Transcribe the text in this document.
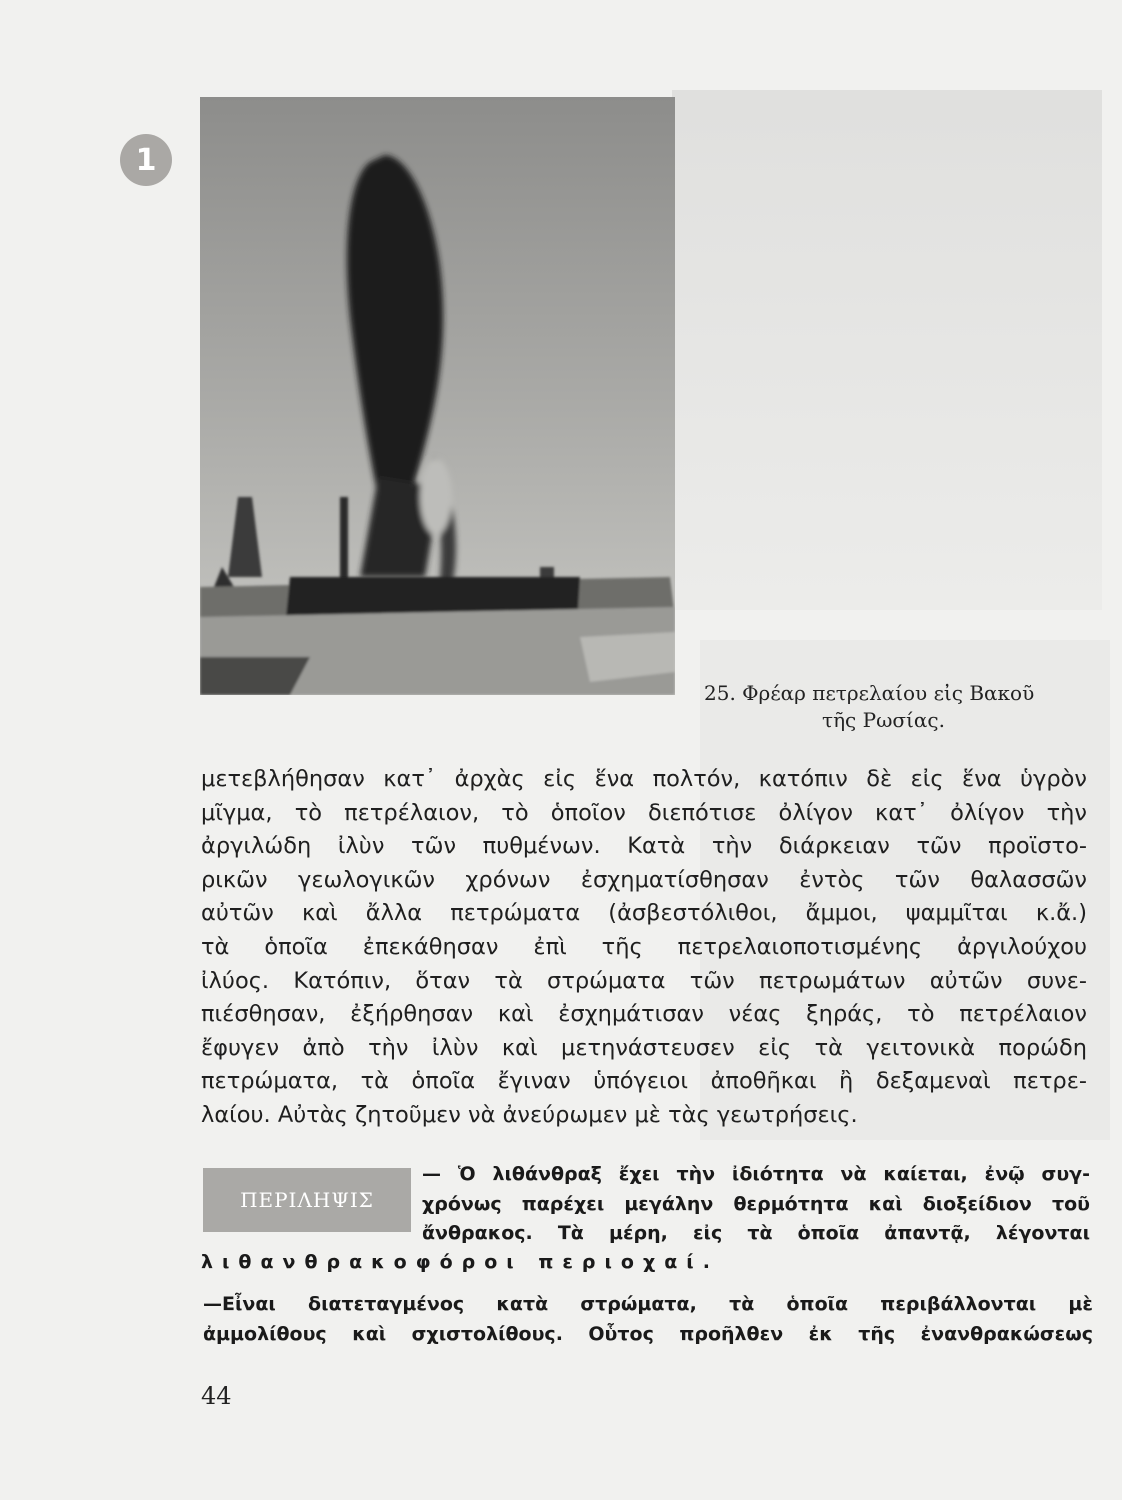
1
25. Φρέαρ πετρελαίου εἰς Βακοῦ
τῆς Ρωσίας.
μετεβλήθησαν κατ᾽ ἀρχὰς εἰς ἕνα πολτόν, κατόπιν δὲ εἰς ἕνα ὑγρὸν
μῖγμα, τὸ πετρέλαιον, τὸ ὁποῖον διεπότισε ὀλίγον κατ᾽ ὀλίγον τὴν
ἀργιλώδη ἰλὺν τῶν πυθμένων. Κατὰ τὴν διάρκειαν τῶν προϊστο-
ρικῶν γεωλογικῶν χρόνων ἐσχηματίσθησαν ἐντὸς τῶν θαλασσῶν
αὐτῶν καὶ ἄλλα πετρώματα (ἀσβεστόλιθοι, ἄμμοι, ψαμμῖται κ.ἄ.)
τὰ ὁποῖα ἐπεκάθησαν ἐπὶ τῆς πετρελαιοποτισμένης ἀργιλούχου
ἰλύος. Κατόπιν, ὅταν τὰ στρώματα τῶν πετρωμάτων αὐτῶν συνε-
πιέσθησαν, ἐξήρθησαν καὶ ἐσχημάτισαν νέας ξηράς, τὸ πετρέλαιον
ἔφυγεν ἀπὸ τὴν ἰλὺν καὶ μετηνάστευσεν εἰς τὰ γειτονικὰ πορώδη
πετρώματα, τὰ ὁποῖα ἔγιναν ὑπόγειοι ἀποθῆκαι ἢ δεξαμεναὶ πετρε-
λαίου. Αὐτὰς ζητοῦμεν νὰ ἀνεύρωμεν μὲ τὰς γεωτρήσεις.
ΠΕΡΙΛΗΨΙΣ
— Ὁ λιθάνθραξ ἔχει τὴν ἰδιότητα νὰ καίεται, ἐνῷ συγ-
χρόνως παρέχει μεγάλην θερμότητα καὶ διοξείδιον τοῦ
ἄνθρακος. Τὰ μέρη, εἰς τὰ ὁποῖα ἀπαντᾷ, λέγονται
λιθανθρακοφόροι περιοχαί.
—Εἶναι διατεταγμένος κατὰ στρώματα, τὰ ὁποῖα περιβάλλονται μὲ
ἀμμολίθους καὶ σχιστολίθους. Οὗτος προῆλθεν ἐκ τῆς ἐνανθρακώσεως
44
